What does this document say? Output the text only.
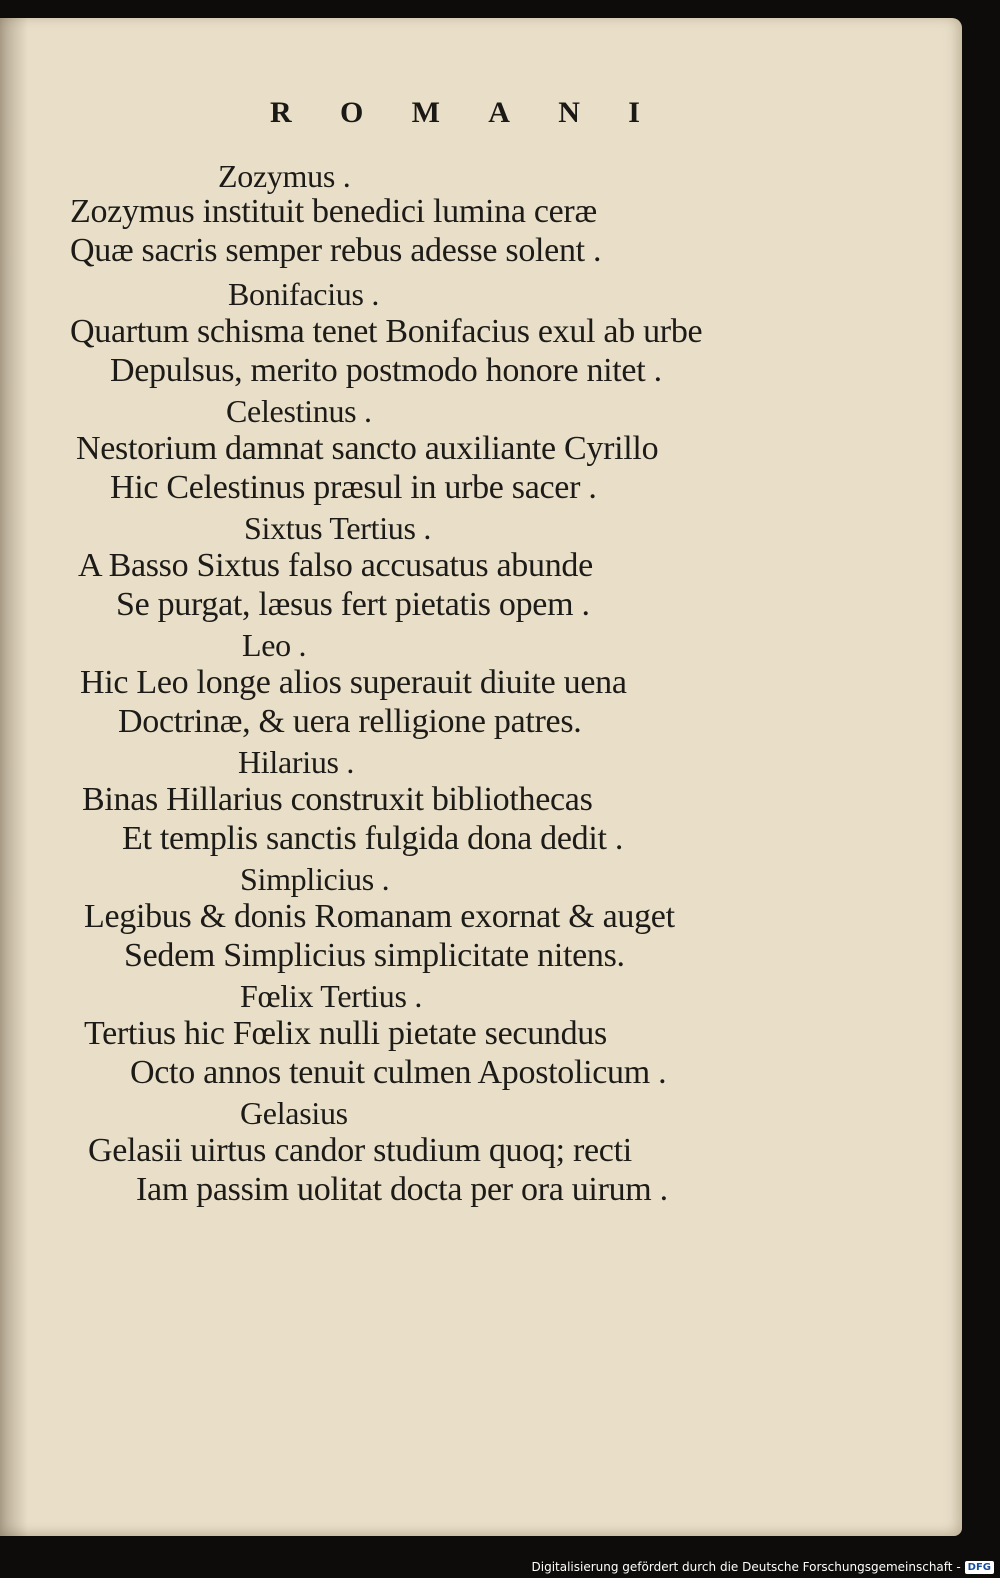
R O M A N I
Zozymus .
Zozymus instituit benedici lumina ceræ
Quæ sacris semper rebus adesse solent .
Bonifacius .
Quartum schisma tenet Bonifacius exul ab urbe
Depulsus, merito postmodo honore nitet .
Celestinus .
Nestorium damnat sancto auxiliante Cyrillo
Hic Celestinus præsul in urbe sacer .
Sixtus Tertius .
A Basso Sixtus falso accusatus abunde
Se purgat, læsus fert pietatis opem .
Leo .
Hic Leo longe alios superauit diuite uena
Doctrinæ, & uera relligione patres.
Hilarius .
Binas Hillarius construxit bibliothecas
Et templis sanctis fulgida dona dedit .
Simplicius .
Legibus & donis Romanam exornat & auget
Sedem Simplicius simplicitate nitens.
Fœlix Tertius .
Tertius hic Fœlix nulli pietate secundus
Octo annos tenuit culmen Apostolicum .
Gelasius
Gelasii uirtus candor studium quoq; recti
Iam passim uolitat docta per ora uirum .
Digitalisierung gefördert durch die Deutsche Forschungsgemeinschaft - DFG
